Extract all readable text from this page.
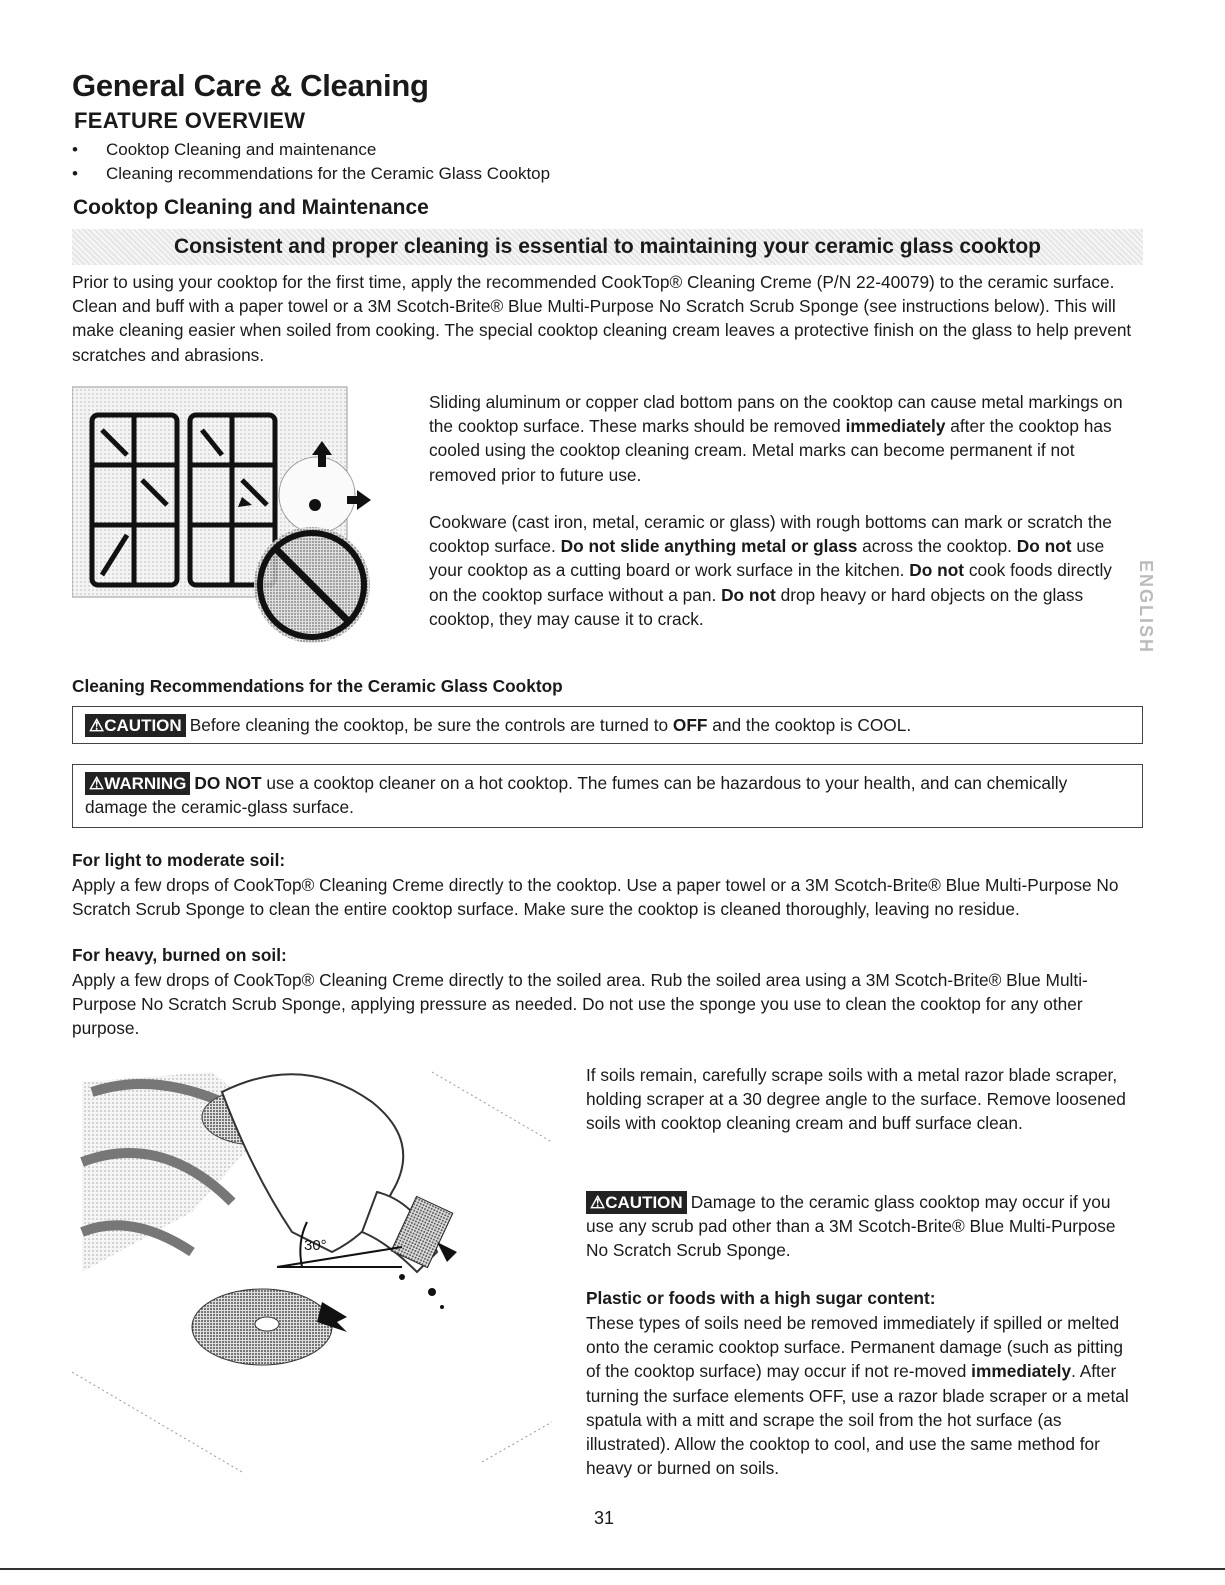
General Care & Cleaning
FEATURE OVERVIEW
• Cooktop Cleaning and maintenance
• Cleaning recommendations for the Ceramic Glass Cooktop
Cooktop Cleaning and Maintenance
Consistent and proper cleaning is essential to maintaining your ceramic glass cooktop
Prior to using your cooktop for the first time, apply the recommended CookTop® Cleaning Creme (P/N 22-40079) to the ceramic surface. Clean and buff with a paper towel or a 3M Scotch-Brite® Blue Multi-Purpose No Scratch Scrub Sponge (see instructions below). This will make cleaning easier when soiled from cooking. The special cooktop cleaning cream leaves a protective finish on the glass to help prevent scratches and abrasions.

Sliding aluminum or copper clad bottom pans on the cooktop can cause metal markings on the cooktop surface. These marks should be removed immediately after the cooktop has cooled using the cooktop cleaning cream. Metal marks can become permanent if not removed prior to future use.

Cookware (cast iron, metal, ceramic or glass) with rough bottoms can mark or scratch the cooktop surface. Do not slide anything metal or glass across the cooktop. Do not use your cooktop as a cutting board or work surface in the kitchen. Do not cook foods directly on the cooktop surface without a pan. Do not drop heavy or hard objects on the glass cooktop, they may cause it to crack.	ENGLISH
Cleaning Recommendations for the Ceramic Glass Cooktop
⚠CAUTION Before cleaning the cooktop, be sure the controls are turned to OFF and the cooktop is COOL.
⚠WARNING DO NOT use a cooktop cleaner on a hot cooktop. The fumes can be hazardous to your health, and can chemically damage the ceramic-glass surface.
For light to moderate soil:
Apply a few drops of CookTop® Cleaning Creme directly to the cooktop. Use a paper towel or a 3M Scotch-Brite® Blue Multi-Purpose No Scratch Scrub Sponge to clean the entire cooktop surface. Make sure the cooktop is cleaned thoroughly, leaving no residue.
For heavy, burned on soil:
Apply a few drops of CookTop® Cleaning Creme directly to the soiled area. Rub the soiled area using a 3M Scotch-Brite® Blue Multi-Purpose No Scratch Scrub Sponge, applying pressure as needed. Do not use the sponge you use to clean the cooktop for any other purpose.
30°
If soils remain, carefully scrape soils with a metal razor blade scraper, holding scraper at a 30 degree angle to the surface. Remove loosened soils with cooktop cleaning cream and buff surface clean.
⚠CAUTION Damage to the ceramic glass cooktop may occur if you use any scrub pad other than a 3M Scotch-Brite® Blue Multi-Purpose No Scratch Scrub Sponge.
Plastic or foods with a high sugar content:
These types of soils need be removed immediately if spilled or melted onto the ceramic cooktop surface. Permanent damage (such as pitting of the cooktop surface) may occur if not re-moved immediately. After turning the surface elements OFF, use a razor blade scraper or a metal spatula with a mitt and scrape the soil from the hot surface (as illustrated). Allow the cooktop to cool, and use the same method for heavy or burned on soils.
31
